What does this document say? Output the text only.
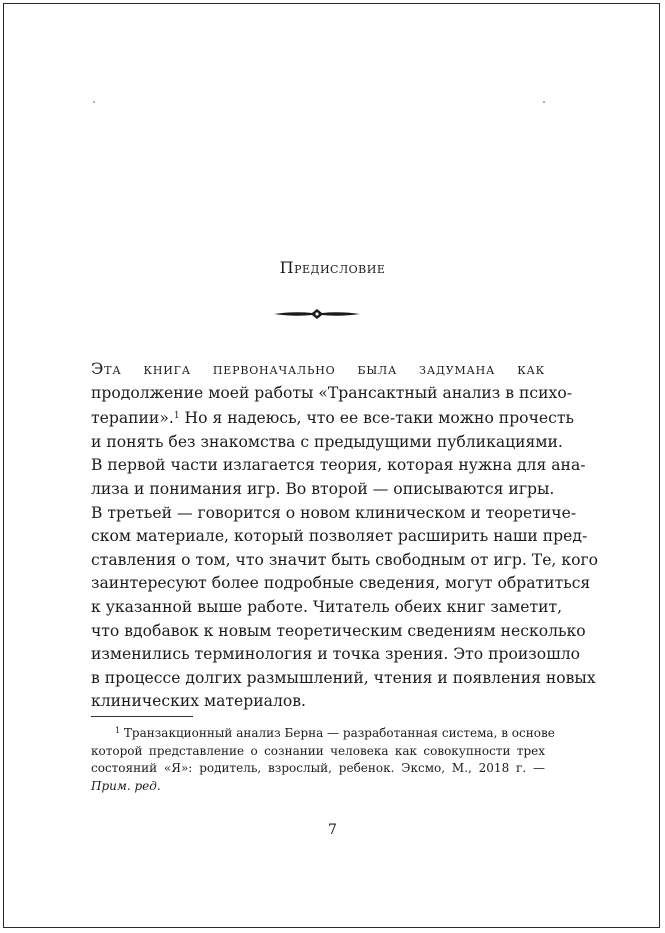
Предисловие
Эта книга первоначально была задумана как
продолжение моей работы «Трансактный анализ в психо-
терапии».$^1$ Но я надеюсь, что ее все-таки можно прочесть
и понять без знакомства с предыдущими публикациями.
В первой части излагается теория, которая нужна для ана-
лиза и понимания игр. Во второй — описываются игры.
В третьей — говорится о новом клиническом и теоретиче-
ском материале, который позволяет расширить наши пред-
ставления о том, что значит быть свободным от игр. Те, кого
заинтересуют более подробные сведения, могут обратиться
к указанной выше работе. Читатель обеих книг заметит,
что вдобавок к новым теоретическим сведениям несколько
изменились терминология и точка зрения. Это произошло
в процессе долгих размышлений, чтения и появления новых
клинических материалов.
$^1$ Транзакционный анализ Берна — разработанная система, в основе
которой представление о сознании человека как совокупности трех
состояний «Я»: родитель, взрослый, ребенок. Эксмо, М., 2018 г. —
Прим. ред.
7
